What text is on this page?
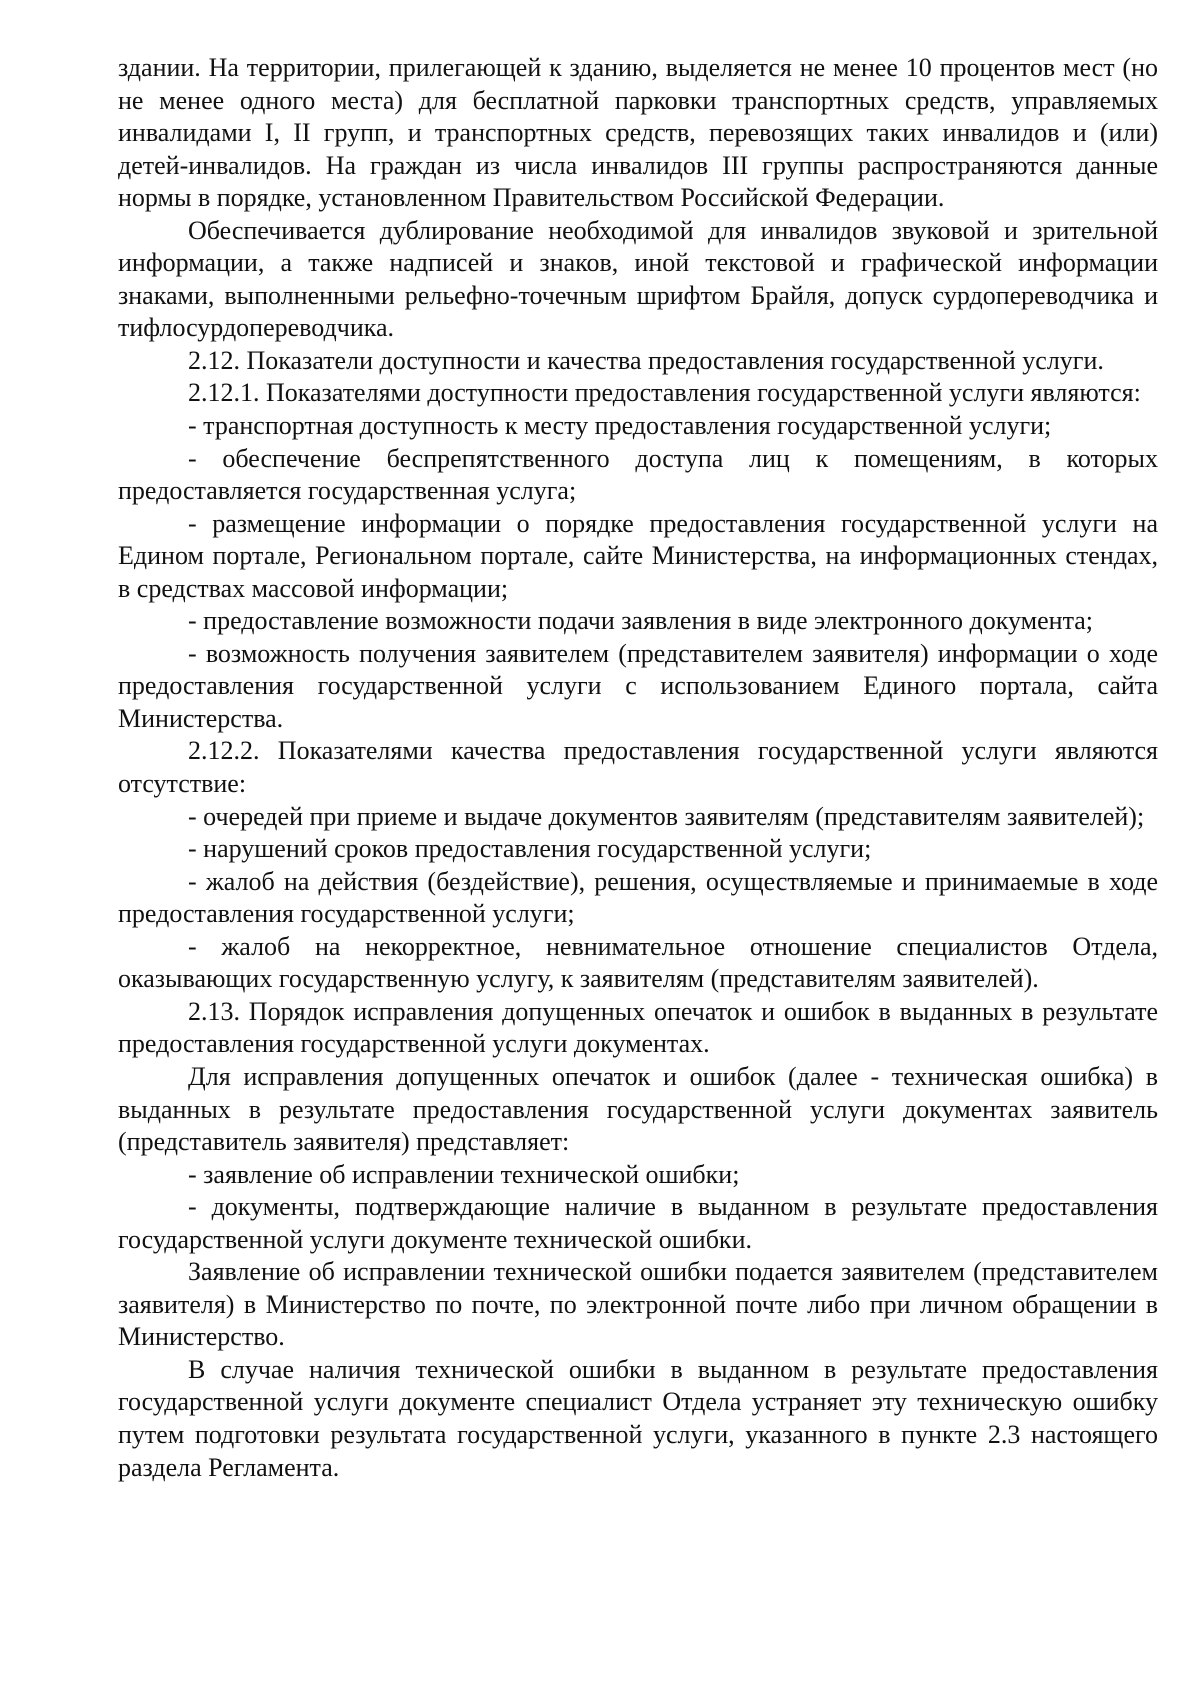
здании. На территории, прилегающей к зданию, выделяется не менее 10 процентов мест (но не менее одного места) для бесплатной парковки транспортных средств, управляемых инвалидами I, II групп, и транспортных средств, перевозящих таких инвалидов и (или) детей-инвалидов. На граждан из числа инвалидов III группы распространяются данные нормы в порядке, установленном Правительством Российской Федерации.

Обеспечивается дублирование необходимой для инвалидов звуковой и зрительной информации, а также надписей и знаков, иной текстовой и графической информации знаками, выполненными рельефно-точечным шрифтом Брайля, допуск сурдопереводчика и тифлосурдопереводчика.

2.12. Показатели доступности и качества предоставления государственной услуги.

2.12.1. Показателями доступности предоставления государственной услуги являются:

- транспортная доступность к месту предоставления государственной услуги;

- обеспечение беспрепятственного доступа лиц к помещениям, в которых предоставляется государственная услуга;

- размещение информации о порядке предоставления государственной услуги на Едином портале, Региональном портале, сайте Министерства, на информационных стендах, в средствах массовой информации;

- предоставление возможности подачи заявления в виде электронного документа;

- возможность получения заявителем (представителем заявителя) информации о ходе предоставления государственной услуги с использованием Единого портала, сайта Министерства.

2.12.2. Показателями качества предоставления государственной услуги являются отсутствие:

- очередей при приеме и выдаче документов заявителям (представителям заявителей);

- нарушений сроков предоставления государственной услуги;

- жалоб на действия (бездействие), решения, осуществляемые и принимаемые в ходе предоставления государственной услуги;

- жалоб на некорректное, невнимательное отношение специалистов Отдела, оказывающих государственную услугу, к заявителям (представителям заявителей).

2.13. Порядок исправления допущенных опечаток и ошибок в выданных в результате предоставления государственной услуги документах.

Для исправления допущенных опечаток и ошибок (далее - техническая ошибка) в выданных в результате предоставления государственной услуги документах заявитель (представитель заявителя) представляет:

- заявление об исправлении технической ошибки;

- документы, подтверждающие наличие в выданном в результате предоставления государственной услуги документе технической ошибки.

Заявление об исправлении технической ошибки подается заявителем (представителем заявителя) в Министерство по почте, по электронной почте либо при личном обращении в Министерство.

В случае наличия технической ошибки в выданном в результате предоставления государственной услуги документе специалист Отдела устраняет эту техническую ошибку путем подготовки результата государственной услуги, указанного в пункте 2.3 настоящего раздела Регламента.
